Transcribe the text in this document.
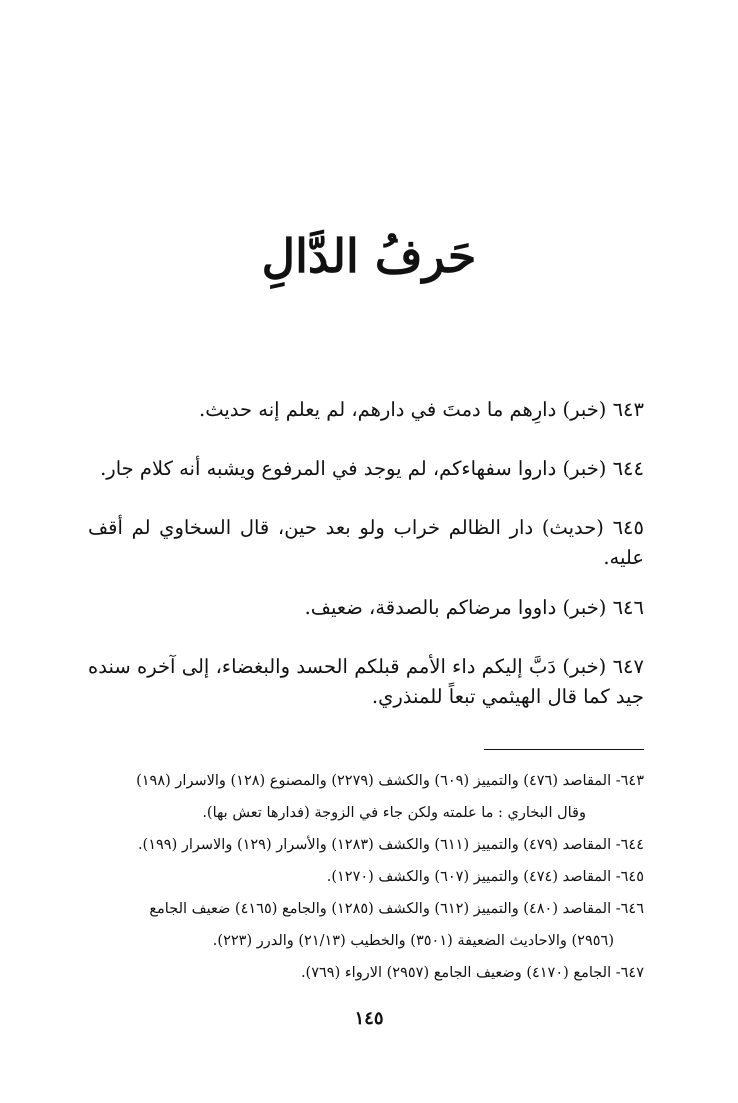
حَرفُ الدَّالِ

٦٤٣ (خبر) دارِهم ما دمتَ في دارهم، لم يعلم إنه حديث.

٦٤٤ (خبر) داروا سفهاءكم، لم يوجد في المرفوع ويشبه أنه كلام جار.

٦٤٥ (حديث) دار الظالم خراب ولو بعد حين، قال السخاوي لم أقف عليه.

٦٤٦ (خبر) داووا مرضاكم بالصدقة، ضعيف.

٦٤٧ (خبر) دَبَّ إليكم داء الأمم قبلكم الحسد والبغضاء، إلى آخره سنده جيد كما قال الهيثمي تبعاً للمنذري.

٦٤٣- المقاصد (٤٧٦) والتمييز (٦٠٩) والكشف (٢٢٧٩) والمصنوع (١٢٨) والاسرار (١٩٨)

وقال البخاري : ما علمته ولكن جاء في الزوجة (فدارها تعش بها).

٦٤٤- المقاصد (٤٧٩) والتمييز (٦١١) والكشف (١٢٨٣) والأسرار (١٢٩) والاسرار (١٩٩).

٦٤٥- المقاصد (٤٧٤) والتمييز (٦٠٧) والكشف (١٢٧٠).

٦٤٦- المقاصد (٤٨٠) والتمييز (٦١٢) والكشف (١٢٨٥) والجامع (٤١٦٥) ضعيف الجامع

(٢٩٥٦) والاحاديث الضعيفة (٣٥٠١) والخطيب (٢١/١٣) والدرر (٢٢٣).

٦٤٧- الجامع (٤١٧٠) وضعيف الجامع (٢٩٥٧) الارواء (٧٦٩).

١٤٥
